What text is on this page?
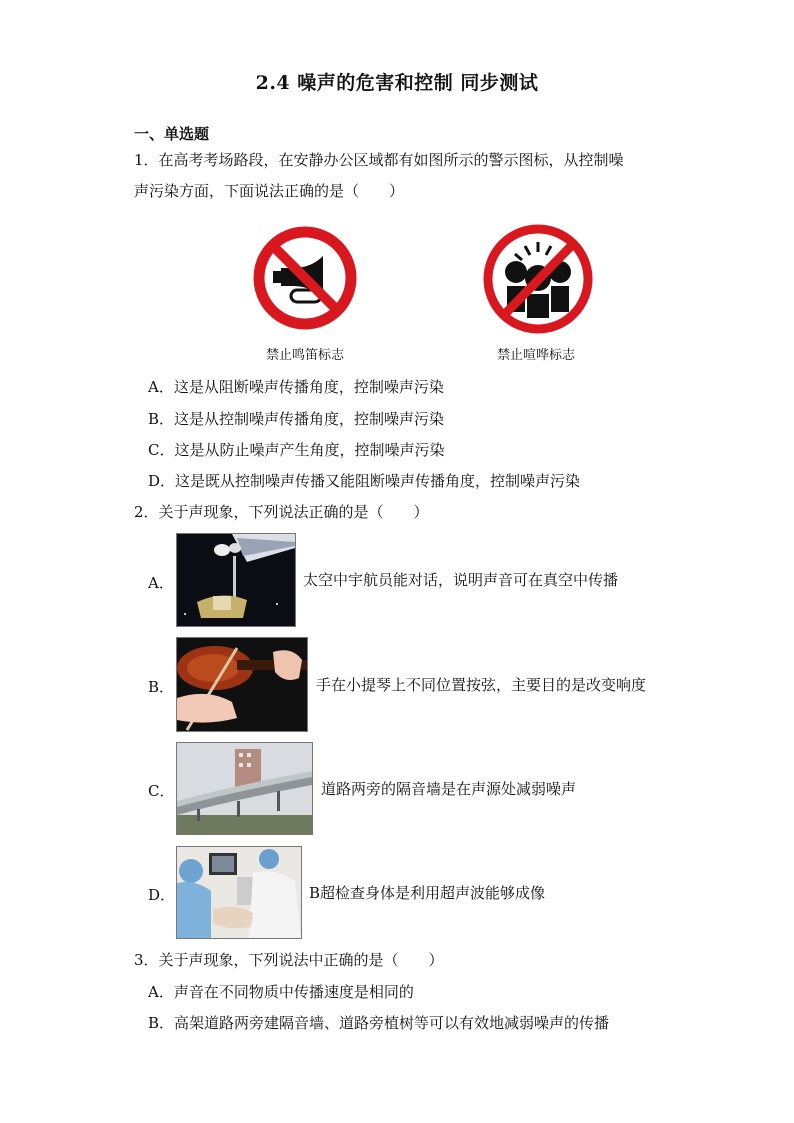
2.4 噪声的危害和控制 同步测试
一、单选题
1．在高考考场路段，在安静办公区域都有如图所示的警示图标，从控制噪
声污染方面，下面说法正确的是（　　）
禁止鸣笛标志	禁止喧哗标志
A．这是从阻断噪声传播角度，控制噪声污染
B．这是从控制噪声传播角度，控制噪声污染
C．这是从防止噪声产生角度，控制噪声污染
D．这是既从控制噪声传播又能阻断噪声传播角度，控制噪声污染
2．关于声现象，下列说法正确的是（　　）
A．	太空中宇航员能对话，说明声音可在真空中传播
B．	手在小提琴上不同位置按弦，主要目的是改变响度
C．	道路两旁的隔音墙是在声源处减弱噪声
D．	B超检查身体是利用超声波能够成像
3．关于声现象，下列说法中正确的是（　　）
A．声音在不同物质中传播速度是相同的
B．高架道路两旁建隔音墙、道路旁植树等可以有效地减弱噪声的传播
